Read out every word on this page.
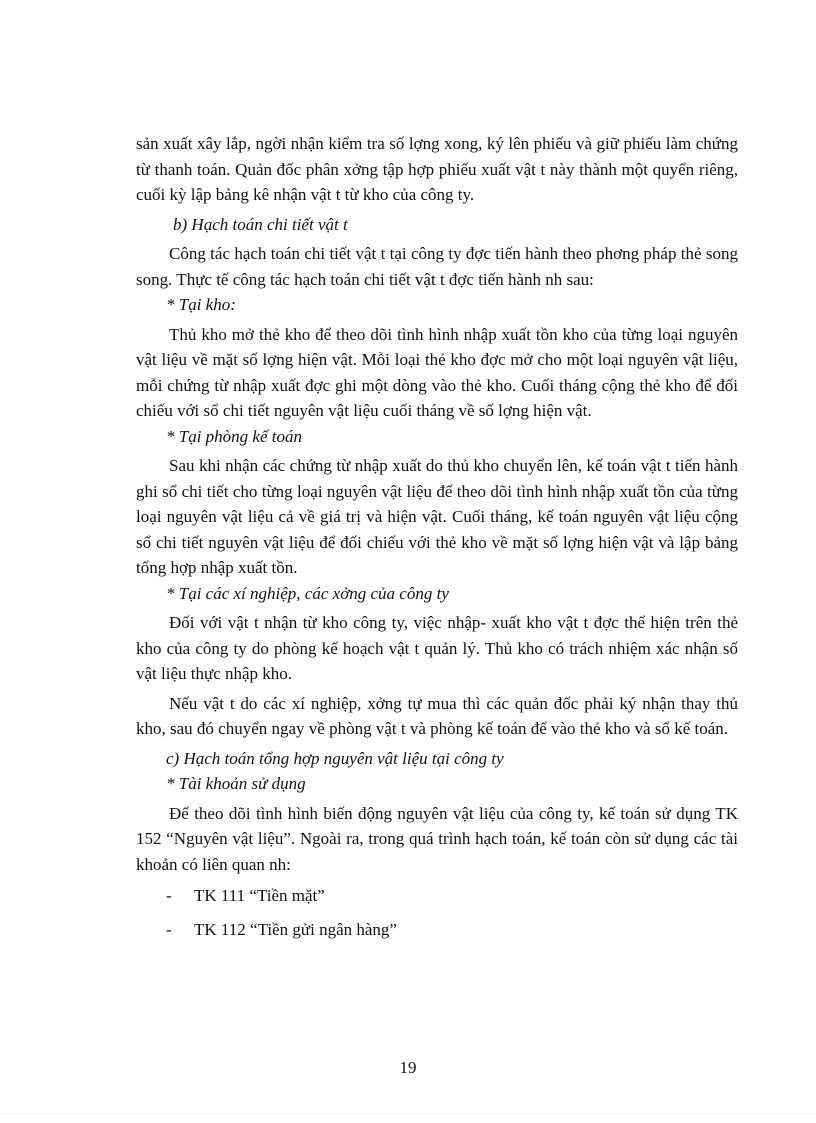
sản xuất xây lắp, ngời nhận kiểm tra số lợng xong, ký lên phiếu và giữ phiếu làm chứng từ thanh toán. Quản đốc phân xởng tập hợp phiếu xuất vật t này thành một quyển riêng, cuối kỳ lập bảng kê nhận vật t từ kho của công ty.

b) Hạch toán chi tiết vật t

Công tác hạch toán chi tiết vật t tại công ty đợc tiến hành theo phơng pháp thẻ song song. Thực tế công tác hạch toán chi tiết vật t đợc tiến hành nh sau:

* Tại kho:

Thủ kho mở thẻ kho để theo dõi tình hình nhập xuất tồn kho của từng loại nguyên vật liệu về mặt số lợng hiện vật. Mỗi loại thẻ kho đợc mở cho một loại nguyên vật liệu, mỗi chứng từ nhập xuất đợc ghi một dòng vào thẻ kho. Cuối tháng cộng thẻ kho để đối chiếu với sổ chi tiết nguyên vật liệu cuối tháng về số lợng hiện vật.

* Tại phòng kế toán

Sau khi nhận các chứng từ nhập xuất do thủ kho chuyển lên, kế toán vật t tiến hành ghi sổ chi tiết cho từng loại nguyên vật liệu để theo dõi tình hình nhập xuất tồn của từng loại nguyên vật liệu cả về giá trị và hiện vật. Cuối tháng, kế toán nguyên vật liệu cộng sổ chi tiết nguyên vật liệu để đối chiếu với thẻ kho về mặt số lợng hiện vật và lập bảng tổng hợp nhập xuất tồn.

* Tại các xí nghiệp, các xởng của công ty

Đối với vật t nhận từ kho công ty, việc nhập- xuất kho vật t đợc thể hiện trên thẻ kho của công ty do phòng kế hoạch vật t quản lý. Thủ kho có trách nhiệm xác nhận số vật liệu thực nhập kho.

Nếu vật t do các xí nghiệp, xởng tự mua thì các quản đốc phải ký nhận thay thủ kho, sau đó chuyển ngay về phòng vật t và phòng kế toán để vào thẻ kho và sổ kế toán.

c) Hạch toán tổng hợp nguyên vật liệu tại công ty

* Tài khoản sử dụng

Để theo dõi tình hình biến động nguyên vật liệu của công ty, kế toán sử dụng TK 152 “Nguyên vật liệu”. Ngoài ra, trong quá trình hạch toán, kế toán còn sử dụng các tài khoản có liên quan nh:

-	TK 111 “Tiền mặt”
-	TK 112 “Tiền gửi ngân hàng”
19
